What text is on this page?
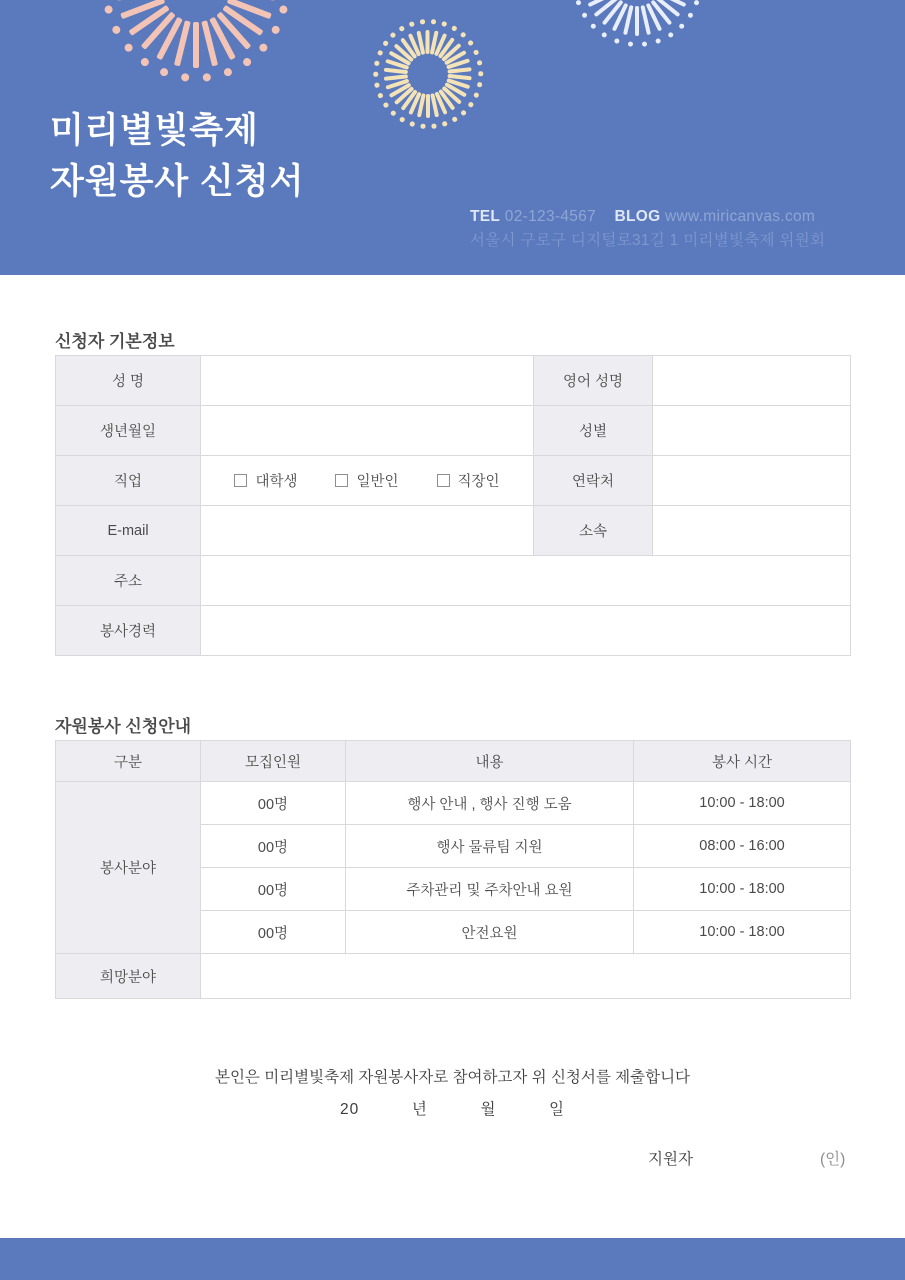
미리별빛축제
자원봉사 신청서
TEL 02-123-4567 BLOG www.miricanvas.com
서울시 구로구 디지털로31길 1 미리별빛축제 위원회
신청자 기본정보
성 명		영어 성명	
생년월일		성별	
직업	대학생 일반인 직장인	연락처	
E-mail		소속	
주소			
봉사경력			
자원봉사 신청안내
구분	모집인원	내용	봉사 시간
봉사분야	00명	행사 안내 , 행사 진행 도움	10:00 - 18:00
	00명	행사 물류팀 지원	08:00 - 16:00
	00명	주차관리 및 주차안내 요원	10:00 - 18:00
	00명	안전요원	10:00 - 18:00
희망분야			
본인은 미리별빛축제 자원봉사자로 참여하고자 위 신청서를 제출합니다
20	년	월	일
지원자	(인)
